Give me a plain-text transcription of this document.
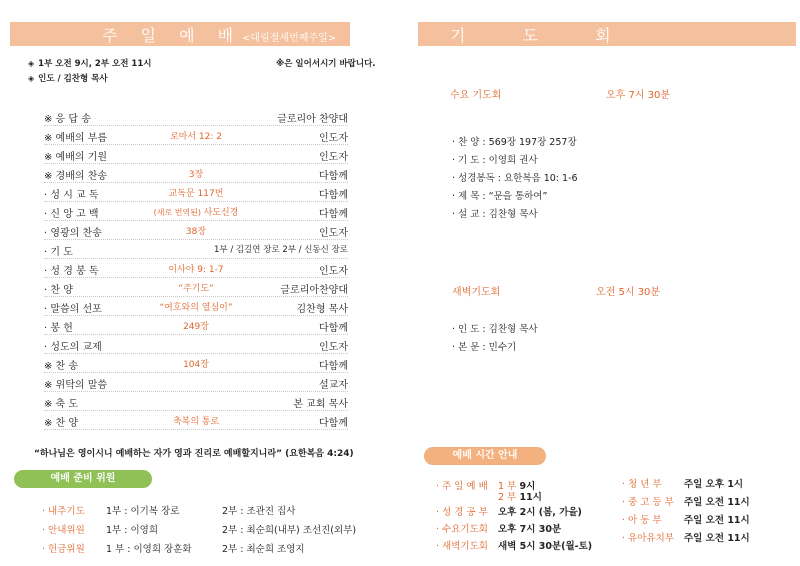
주 일 예 배<대림절세번째주일>
◈ 1부 오전 9시, 2부 오전 11시	※은 일어서시기 바랍니다.
◈ 인도 / 김찬형 목사
※ 응 답 송	글로리아 찬양대
※ 예배의 부름	로마서 12: 2	인도자
※ 예배의 기원	인도자
※ 경배의 찬송	3장	다함께
· 성 시 교 독	교독문 117번	다함께
· 신 앙 고 백	(새로 번역된) 사도신경	다함께
· 영광의 찬송	38장	인도자
· 기 도	1부 / 김길연 장로 2부 / 신동신 장로
· 성 경 봉 독	이사야 9: 1-7	인도자
· 찬 양	“주기도”	글로리아찬양대
· 말씀의 선포	“여호와의 열심이”	김찬형 목사
· 봉 헌	249장	다함께
· 성도의 교제	인도자
※ 찬 송	104장	다함께
※ 위탁의 말씀	설교자
※ 축 도	본 교회 목사
※ 찬 양	축복의 통로	다함께
“하나님은 영이시니 예배하는 자가 영과 진리로 예배할지니라” (요한복음 4:24)
예배 준비 위원
· 내주기도 1부 : 이기복 장로	2부 : 조관진 집사
· 안내위원 1부 : 이영희	2부 : 최순희(내부) 조선진(외부)
· 헌금위원 1 부 : 이영희 장훈화	2부 : 최순희 조영지
기 도 회
수요 기도회	오후 7시 30분
· 찬 양 : 569장 197장 257장
· 기 도 : 이영희 권사
· 성경봉독 : 요한복음 10: 1-6
· 제 목 : “문을 통하여”
· 설 교 : 김찬형 목사
새벽기도회	오전 5시 30분
· 인 도 : 김찬형 목사
· 본 문 : 민수기
예배 시간 안내
· 주 일 예 배 1 부 9시
2 부 11시
· 성 경 공 부 오후 2시 (봄, 가을)
· 수요기도회 오후 7시 30분
· 새벽기도회 새벽 5시 30분(월-토)
· 청 년 부 주일 오후 1시
· 중 고 등 부 주일 오전 11시
· 아 동 부 주일 오전 11시
· 유아유치부 주일 오전 11시
